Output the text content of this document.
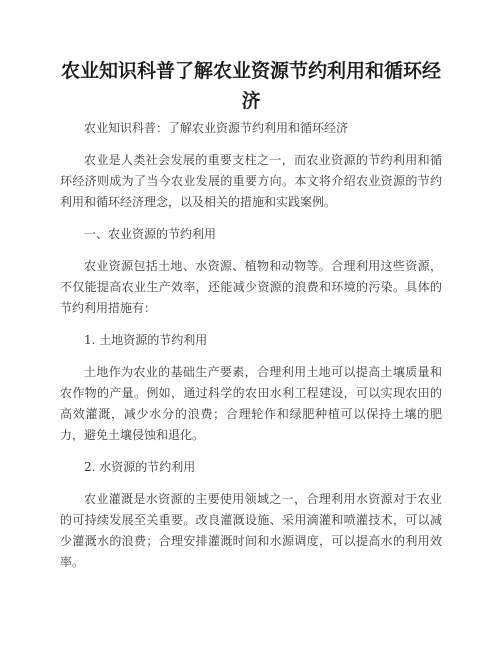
农业知识科普了解农业资源节约利用和循环经济

农业知识科普：了解农业资源节约利用和循环经济

农业是人类社会发展的重要支柱之一，而农业资源的节约利用和循环经济则成为了当今农业发展的重要方向。本文将介绍农业资源的节约利用和循环经济理念，以及相关的措施和实践案例。

一、农业资源的节约利用

农业资源包括土地、水资源、植物和动物等。合理利用这些资源，不仅能提高农业生产效率，还能减少资源的浪费和环境的污染。具体的节约利用措施有：

1. 土地资源的节约利用

土地作为农业的基础生产要素，合理利用土地可以提高土壤质量和农作物的产量。例如，通过科学的农田水利工程建设，可以实现农田的高效灌溉，减少水分的浪费；合理轮作和绿肥种植可以保持土壤的肥力，避免土壤侵蚀和退化。

2. 水资源的节约利用

农业灌溉是水资源的主要使用领域之一，合理利用水资源对于农业的可持续发展至关重要。改良灌溉设施、采用滴灌和喷灌技术，可以减少灌溉水的浪费；合理安排灌溉时间和水源调度，可以提高水的利用效率。
